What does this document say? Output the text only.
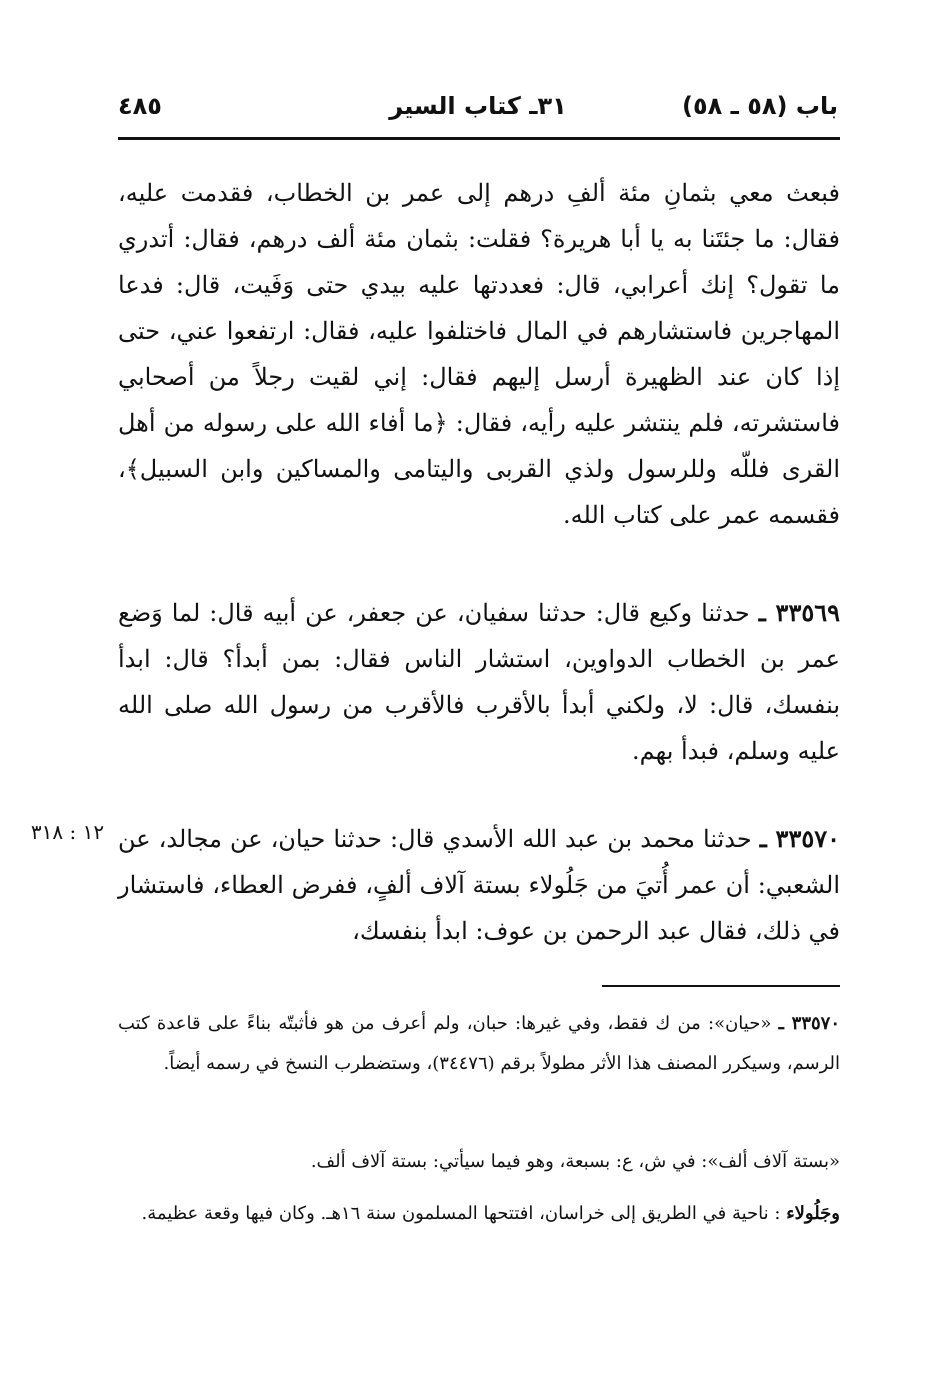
باب (٥٨ ـ ٥٨)
٣١ـ كتاب السير
٤٨٥
فبعث معي بثمانِ مئة ألفِ درهم إلى عمر بن الخطاب، فقدمت عليه، فقال: ما جئتَنا به يا أبا هريرة؟ فقلت: بثمان مئة ألف درهم، فقال: أتدري ما تقول؟ إنك أعرابي، قال: فعددتها عليه بيدي حتى وَفَيت، قال: فدعا المهاجرين فاستشارهم في المال فاختلفوا عليه، فقال: ارتفعوا عني، حتى إذا كان عند الظهيرة أرسل إليهم فقال: إني لقيت رجلاً من أصحابي فاستشرته، فلم ينتشر عليه رأيه، فقال: ﴿ما أفاء الله على رسوله من أهل القرى فللّه وللرسول ولذي القربى واليتامى والمساكين وابن السبيل﴾، فقسمه عمر على كتاب الله.
٣٣٥٦٩ ـ حدثنا وكيع قال: حدثنا سفيان، عن جعفر، عن أبيه قال: لما وَضع عمر بن الخطاب الدواوين، استشار الناس فقال: بمن أبدأ؟ قال: ابدأ بنفسك، قال: لا، ولكني أبدأ بالأقرب فالأقرب من رسول الله صلى الله عليه وسلم، فبدأ بهم.
٣٣٥٧٠ ـ حدثنا محمد بن عبد الله الأسدي قال: حدثنا حيان، عن مجالد، عن الشعبي: أن عمر أُتيَ من جَلُولاء بستة آلاف ألفٍ، ففرض العطاء، فاستشار في ذلك، فقال عبد الرحمن بن عوف: ابدأ بنفسك،
١٢ : ٣١٨
٣٣٥٧٠ ـ «حيان»: من ك فقط، وفي غيرها: حبان، ولم أعرف من هو فأثبتّه بناءً على قاعدة كتب الرسم، وسيكرر المصنف هذا الأثر مطولاً برقم (٣٤٤٧٦)، وستضطرب النسخ في رسمه أيضاً.
«بستة آلاف ألف»: في ش، ع: بسبعة، وهو فيما سيأتي: بستة آلاف ألف.
وجَلُولاء : ناحية في الطريق إلى خراسان، افتتحها المسلمون سنة ١٦هـ. وكان فيها وقعة عظيمة.
